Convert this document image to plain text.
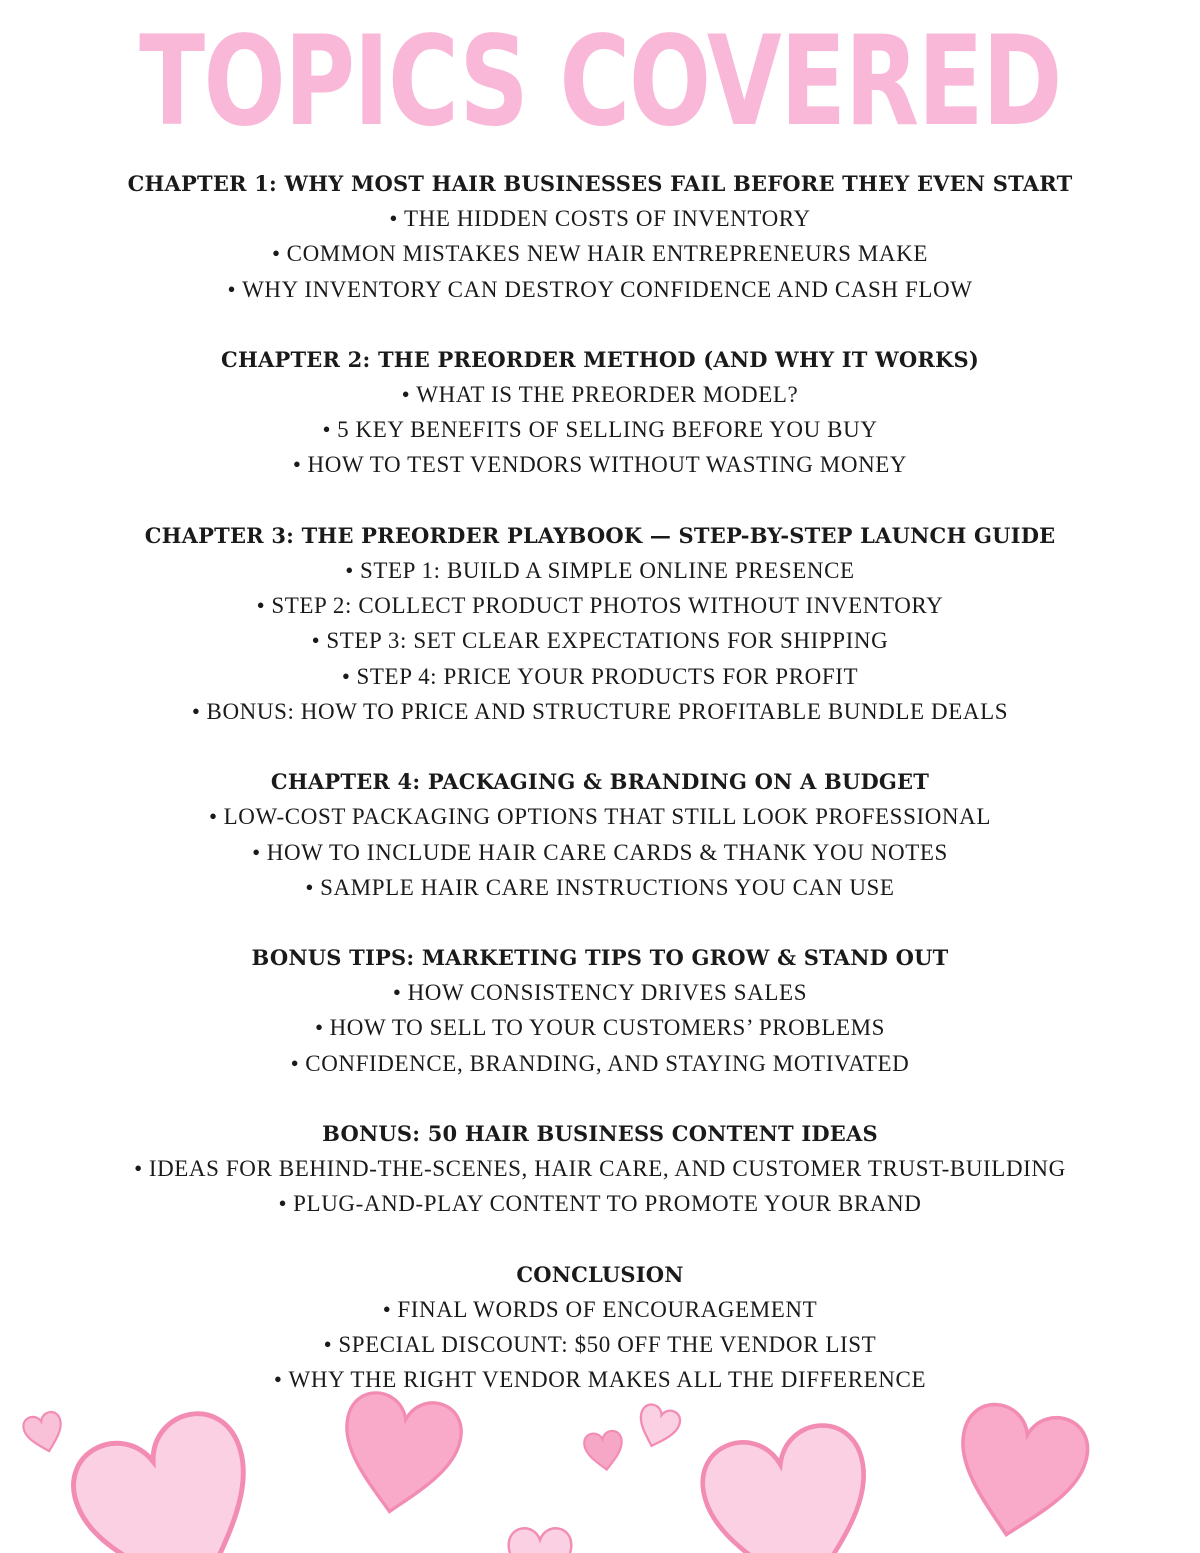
TOPICS COVERED
CHAPTER 1: WHY MOST HAIR BUSINESSES FAIL BEFORE THEY EVEN START
• THE HIDDEN COSTS OF INVENTORY
• COMMON MISTAKES NEW HAIR ENTREPRENEURS MAKE
• WHY INVENTORY CAN DESTROY CONFIDENCE AND CASH FLOW
CHAPTER 2: THE PREORDER METHOD (AND WHY IT WORKS)
• WHAT IS THE PREORDER MODEL?
• 5 KEY BENEFITS OF SELLING BEFORE YOU BUY
• HOW TO TEST VENDORS WITHOUT WASTING MONEY
CHAPTER 3: THE PREORDER PLAYBOOK — STEP-BY-STEP LAUNCH GUIDE
• STEP 1: BUILD A SIMPLE ONLINE PRESENCE
• STEP 2: COLLECT PRODUCT PHOTOS WITHOUT INVENTORY
• STEP 3: SET CLEAR EXPECTATIONS FOR SHIPPING
• STEP 4: PRICE YOUR PRODUCTS FOR PROFIT
• BONUS: HOW TO PRICE AND STRUCTURE PROFITABLE BUNDLE DEALS
CHAPTER 4: PACKAGING & BRANDING ON A BUDGET
• LOW-COST PACKAGING OPTIONS THAT STILL LOOK PROFESSIONAL
• HOW TO INCLUDE HAIR CARE CARDS & THANK YOU NOTES
• SAMPLE HAIR CARE INSTRUCTIONS YOU CAN USE
BONUS TIPS: MARKETING TIPS TO GROW & STAND OUT
• HOW CONSISTENCY DRIVES SALES
• HOW TO SELL TO YOUR CUSTOMERS’ PROBLEMS
• CONFIDENCE, BRANDING, AND STAYING MOTIVATED
BONUS: 50 HAIR BUSINESS CONTENT IDEAS
• IDEAS FOR BEHIND-THE-SCENES, HAIR CARE, AND CUSTOMER TRUST-BUILDING
• PLUG-AND-PLAY CONTENT TO PROMOTE YOUR BRAND
CONCLUSION
• FINAL WORDS OF ENCOURAGEMENT
• SPECIAL DISCOUNT: $50 OFF THE VENDOR LIST
• WHY THE RIGHT VENDOR MAKES ALL THE DIFFERENCE
